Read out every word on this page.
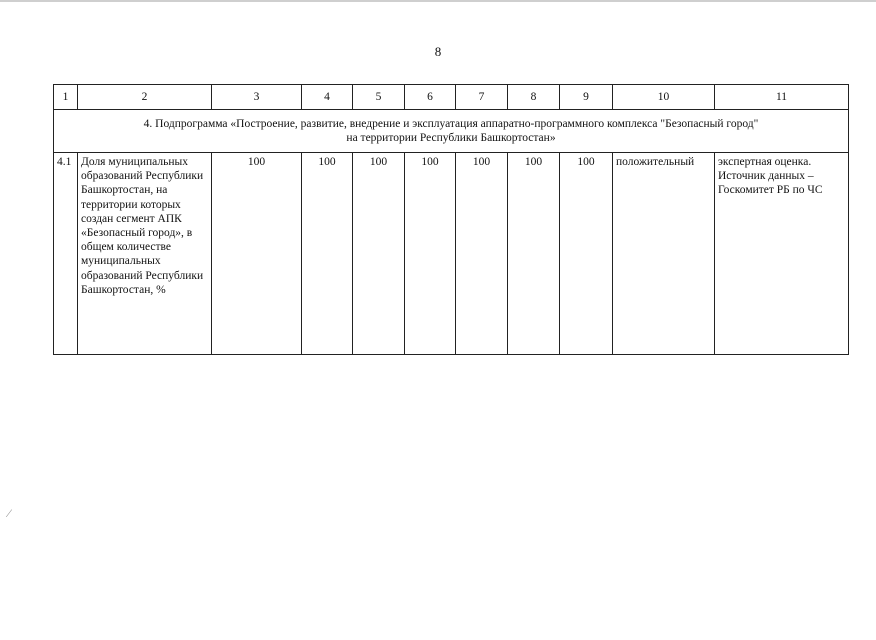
8
1	2	3	4	5	6	7	8	9	10	11

4. Подпрограмма «Построение, развитие, внедрение и эксплуатация аппаратно-программного комплекса "Безопасный город"
на территории Республики Башкортостан»										

4.1	Доля муниципальных образований Республики Башкортостан, на территории которых создан сегмент АПК «Безопасный город», в общем количестве муниципальных образований Республики Башкортостан, %	100	100	100	100	100	100	100	положительный	экспертная оценка. Источник данных – Госкомитет РБ по ЧС
⁄
